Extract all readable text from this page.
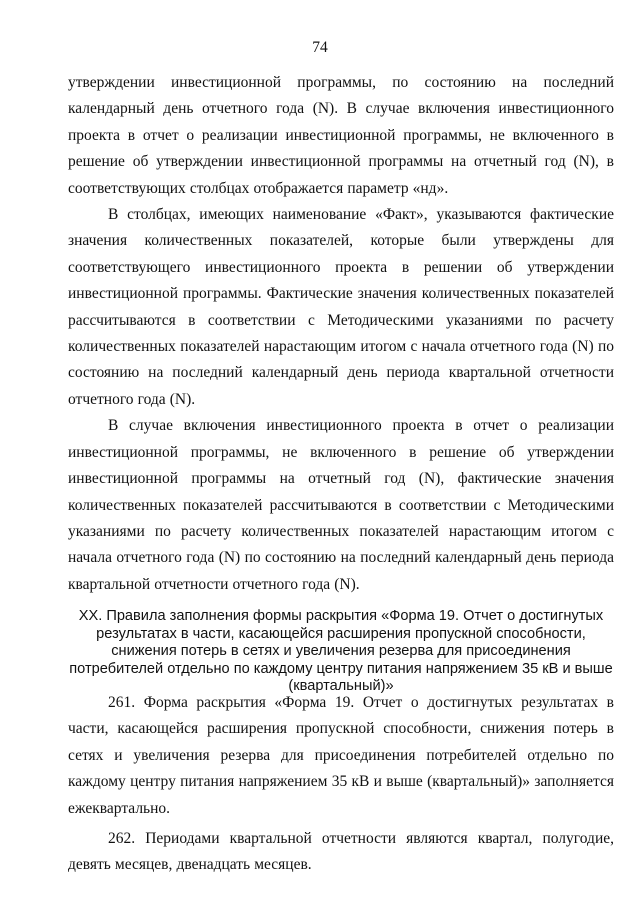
74

утверждении инвестиционной программы, по состоянию на последний календарный день отчетного года (N). В случае включения инвестиционного проекта в отчет о реализации инвестиционной программы, не включенного в решение об утверждении инвестиционной программы на отчетный год (N), в соответствующих столбцах отображается параметр «нд».

В столбцах, имеющих наименование «Факт», указываются фактические значения количественных показателей, которые были утверждены для соответствующего инвестиционного проекта в решении об утверждении инвестиционной программы. Фактические значения количественных показателей рассчитываются в соответствии с Методическими указаниями по расчету количественных показателей нарастающим итогом с начала отчетного года (N) по состоянию на последний календарный день периода квартальной отчетности отчетного года (N).

В случае включения инвестиционного проекта в отчет о реализации инвестиционной программы, не включенного в решение об утверждении инвестиционной программы на отчетный год (N), фактические значения количественных показателей рассчитываются в соответствии с Методическими указаниями по расчету количественных показателей нарастающим итогом с начала отчетного года (N) по состоянию на последний календарный день периода квартальной отчетности отчетного года (N).

XX. Правила заполнения формы раскрытия «Форма 19. Отчет о достигнутых результатах в части, касающейся расширения пропускной способности, снижения потерь в сетях и увеличения резерва для присоединения потребителей отдельно по каждому центру питания напряжением 35 кВ и выше (квартальный)»

261. Форма раскрытия «Форма 19. Отчет о достигнутых результатах в части, касающейся расширения пропускной способности, снижения потерь в сетях и увеличения резерва для присоединения потребителей отдельно по каждому центру питания напряжением 35 кВ и выше (квартальный)» заполняется ежеквартально.

262. Периодами квартальной отчетности являются квартал, полугодие, девять месяцев, двенадцать месяцев.
